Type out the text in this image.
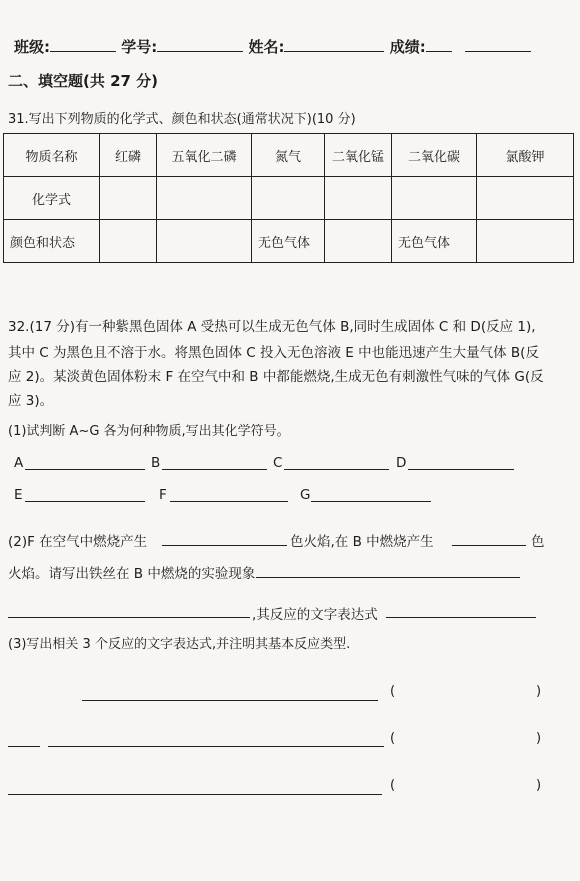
班级:	学号:	姓名:	成绩:
二、填空题(共 27 分)
31.写出下列物质的化学式、颜色和状态(通常状况下)(10 分)
物质名称	红磷	五氧化二磷	氮气	二氧化锰	二氧化碳	氯酸钾
化学式						
颜色和状态			无色气体		无色气体	
32.(17 分)有一种紫黑色固体 A 受热可以生成无色气体 B,同时生成固体 C 和 D(反应 1),
其中 C 为黑色且不溶于水。将黑色固体 C 投入无色溶液 E 中也能迅速产生大量气体 B(反
应 2)。某淡黄色固体粉末 F 在空气中和 B 中都能燃烧,生成无色有刺激性气味的气体 G(反
应 3)。
(1)试判断 A~G 各为何种物质,写出其化学符号。
A	B	C	D
E	F	G
(2)F 在空气中燃烧产生	色火焰,在 B 中燃烧产生	色
火焰。请写出铁丝在 B 中燃烧的实验现象
,其反应的文字表达式
(3)写出相关 3 个反应的文字表达式,并注明其基本反应类型.
(	)
(	)
(	)
